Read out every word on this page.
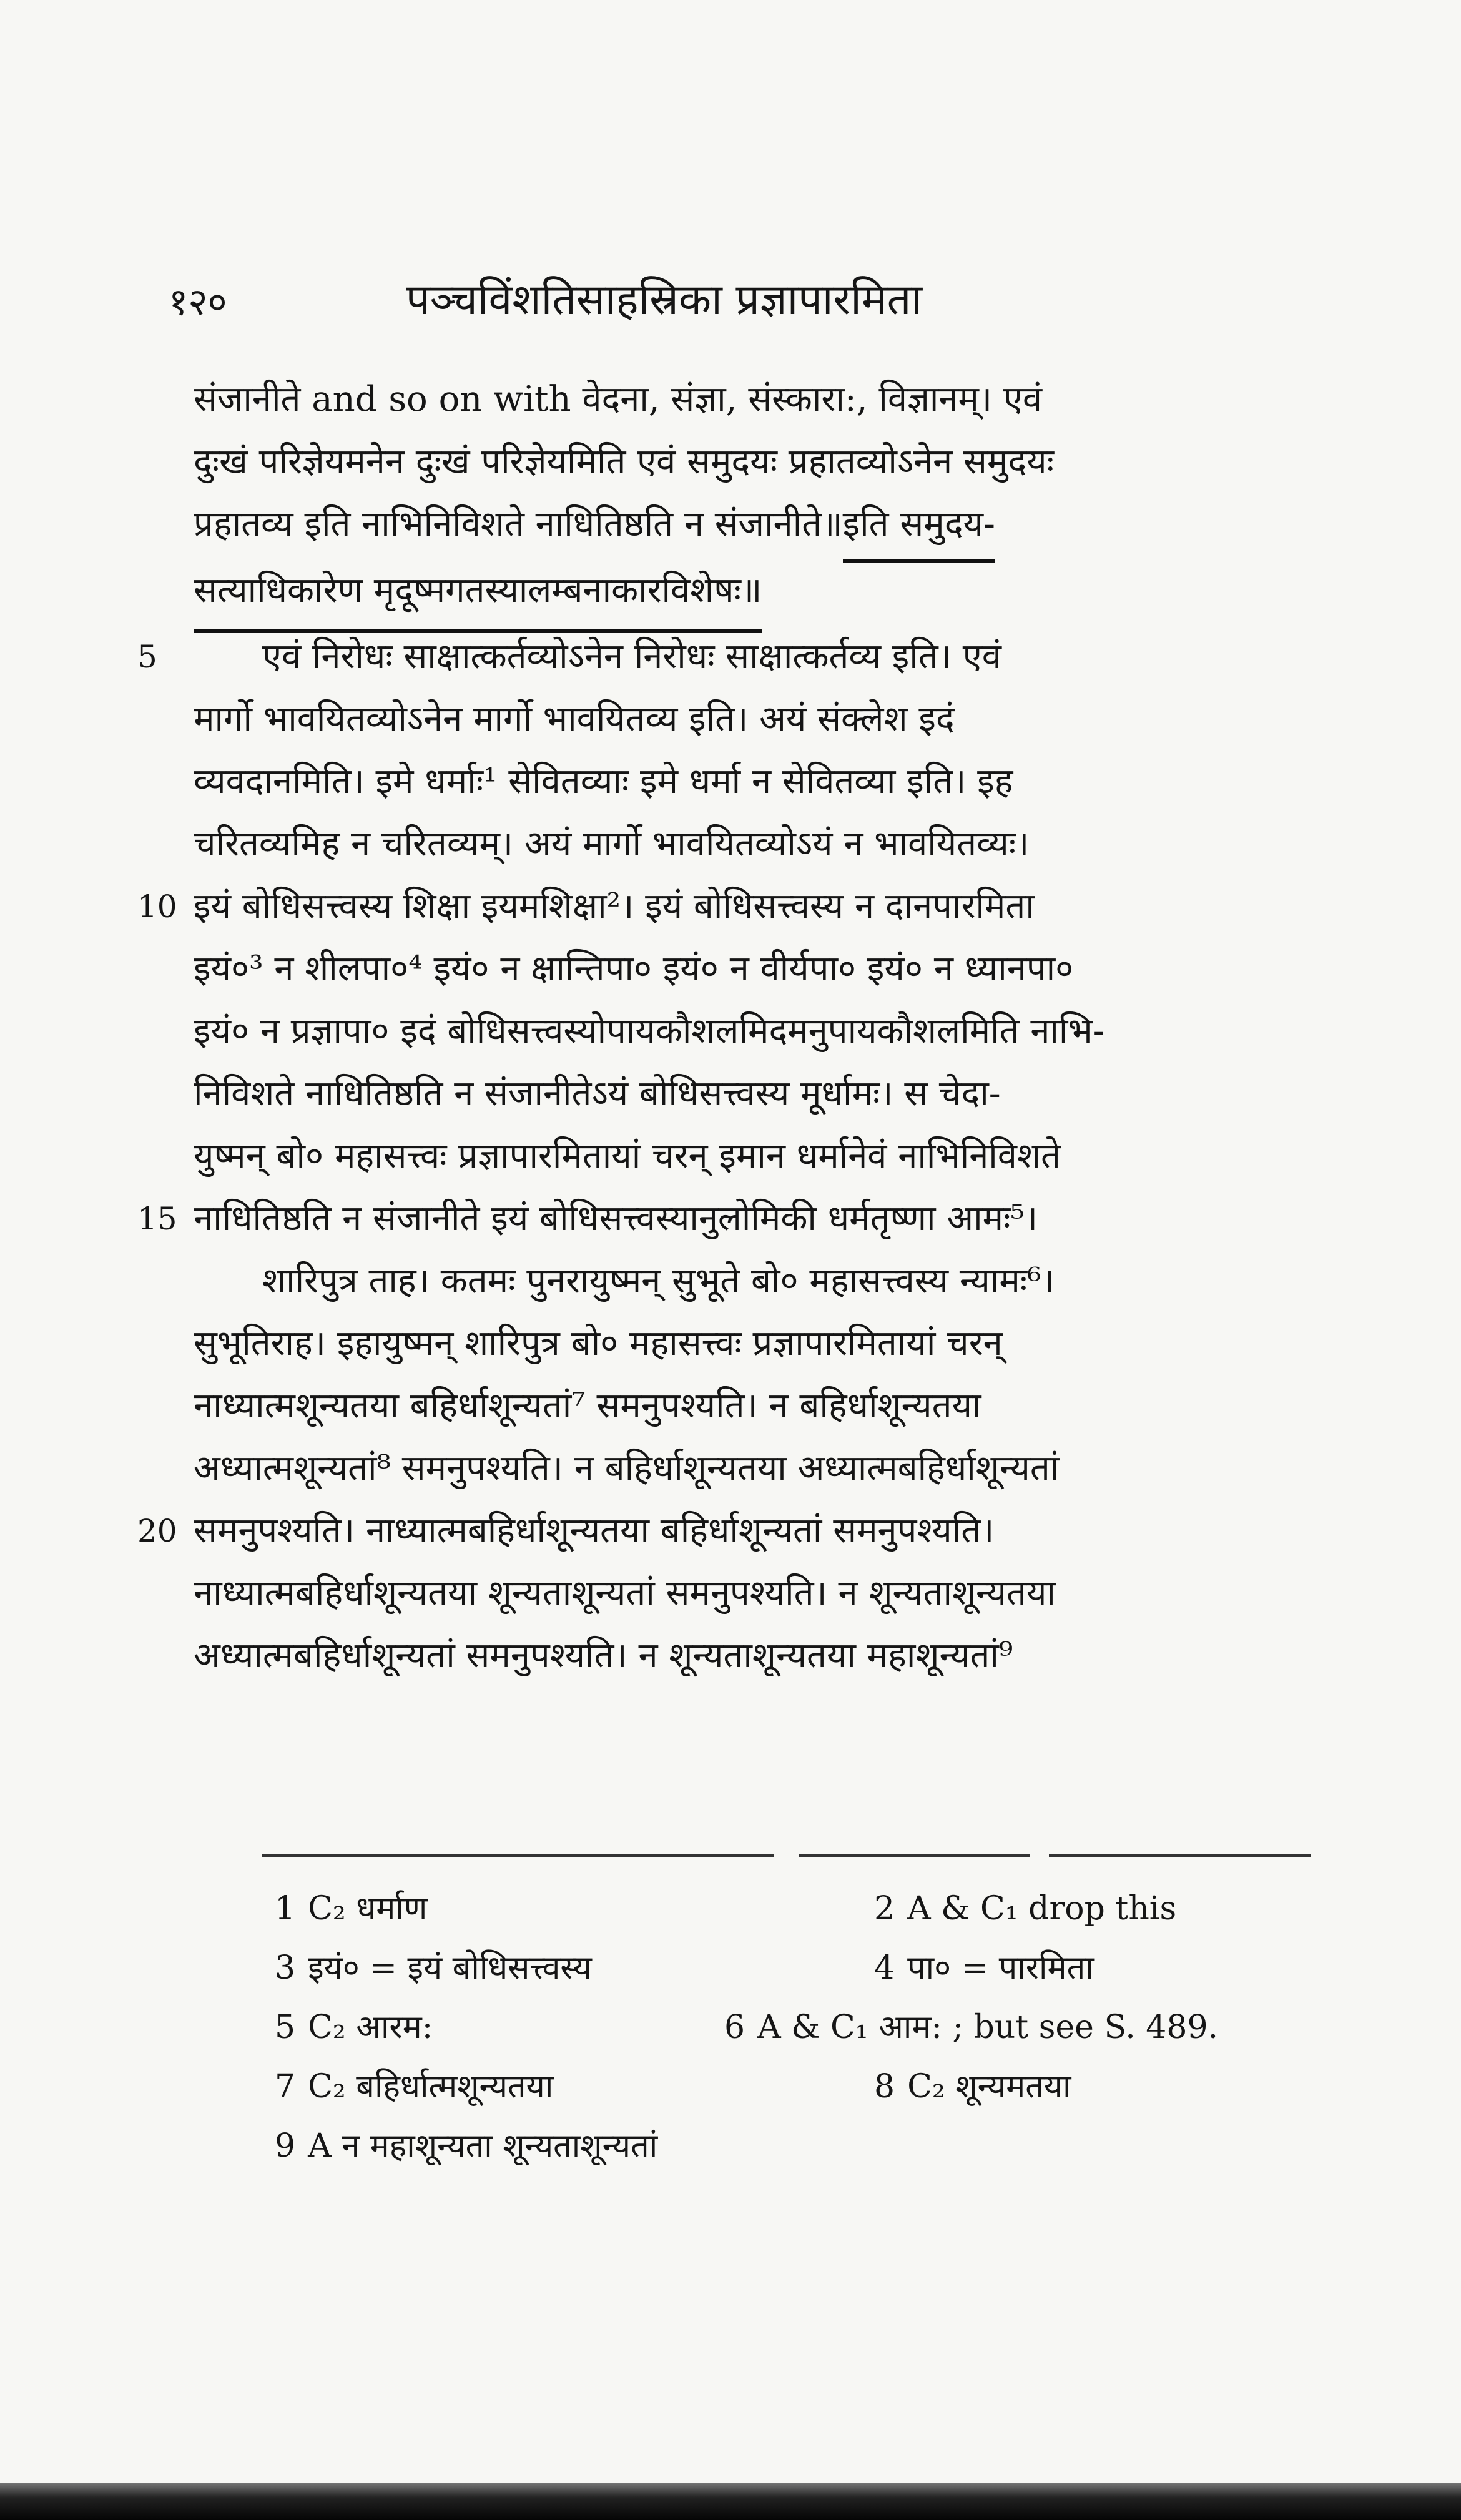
१२०	पञ्चविंशतिसाहस्रिका प्रज्ञापारमिता
संजानीते and so on with वेदना, संज्ञा, संस्कारा:, विज्ञानम्। एवं
दुःखं परिज्ञेयमनेन दुःखं परिज्ञेयमिति एवं समुदयः प्रहातव्योऽनेन समुदयः
प्रहातव्य इति नाभिनिविशते नाधितिष्ठति न संजानीते॥इति समुदय-
सत्याधिकारेण मृदूष्मगतस्यालम्बनाकारविशेषः॥
5	एवं निरोधः साक्षात्कर्तव्योऽनेन निरोधः साक्षात्कर्तव्य इति। एवं
मार्गो भावयितव्योऽनेन मार्गो भावयितव्य इति। अयं संक्लेश इदं
व्यवदानमिति। इमे धर्माः¹ सेवितव्याः इमे धर्मा न सेवितव्या इति। इह
चरितव्यमिह न चरितव्यम्। अयं मार्गो भावयितव्योऽयं न भावयितव्यः।
10 इयं बोधिसत्त्वस्य शिक्षा इयमशिक्षा²। इयं बोधिसत्त्वस्य न दानपारमिता
इयं०³ न शीलपा०⁴ इयं० न क्षान्तिपा० इयं० न वीर्यपा० इयं० न ध्यानपा०
इयं० न प्रज्ञापा० इदं बोधिसत्त्वस्योपायकौशलमिदमनुपायकौशलमिति नाभि-
निविशते नाधितिष्ठति न संजानीतेऽयं बोधिसत्त्वस्य मूर्धामः। स चेदा-
युष्मन् बो० महासत्त्वः प्रज्ञापारमितायां चरन् इमान धर्मानेवं नाभिनिविशते
15 नाधितिष्ठति न संजानीते इयं बोधिसत्त्वस्यानुलोमिकी धर्मतृष्णा आमः⁵।
शारिपुत्र ताह। कतमः पुनरायुष्मन् सुभूते बो० महासत्त्वस्य न्यामः⁶।
सुभूतिराह। इहायुष्मन् शारिपुत्र बो० महासत्त्वः प्रज्ञापारमितायां चरन्
नाध्यात्मशून्यतया बहिर्धाशून्यतां⁷ समनुपश्यति। न बहिर्धाशून्यतया
अध्यात्मशून्यतां⁸ समनुपश्यति। न बहिर्धाशून्यतया अध्यात्मबहिर्धाशून्यतां
20 समनुपश्यति। नाध्यात्मबहिर्धाशून्यतया बहिर्धाशून्यतां समनुपश्यति।
नाध्यात्मबहिर्धाशून्यतया शून्यताशून्यतां समनुपश्यति। न शून्यताशून्यतया
अध्यात्मबहिर्धाशून्यतां समनुपश्यति। न शून्यताशून्यतया महाशून्यतां⁹
1 C₂ धर्माण	2 A & C₁ drop this
3 इयं० = इयं बोधिसत्त्वस्य	4 पा० = पारमिता
5 C₂ आरम:	6 A & C₁ आम: ; but see S. 489.
7 C₂ बहिर्धात्मशून्यतया	8 C₂ शून्यमतया
9 A न महाशून्यता शून्यताशून्यतां
